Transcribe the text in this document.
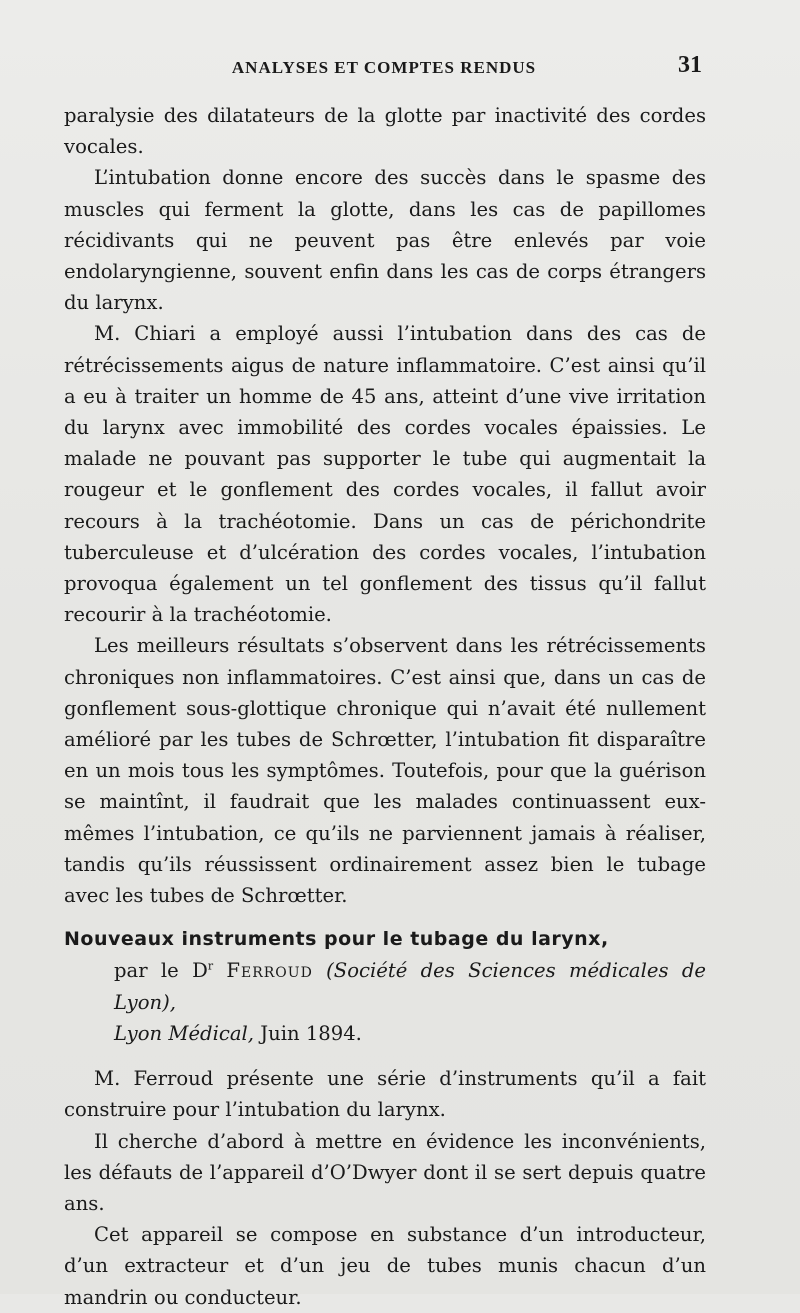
ANALYSES ET COMPTES RENDUS	31

paralysie des dilatateurs de la glotte par inactivité des cordes vocales.

L’intubation donne encore des succès dans le spasme des muscles qui ferment la glotte, dans les cas de papillomes récidivants qui ne peuvent pas être enlevés par voie endolaryngienne, souvent enfin dans les cas de corps étrangers du larynx.

M. Chiari a employé aussi l’intubation dans des cas de rétrécissements aigus de nature inflammatoire. C’est ainsi qu’il a eu à traiter un homme de 45 ans, atteint d’une vive irritation du larynx avec immobilité des cordes vocales épaissies. Le malade ne pouvant pas supporter le tube qui augmentait la rougeur et le gonflement des cordes vocales, il fallut avoir recours à la trachéotomie. Dans un cas de périchondrite tuberculeuse et d’ulcération des cordes vocales, l’intubation provoqua également un tel gonflement des tissus qu’il fallut recourir à la trachéotomie.

Les meilleurs résultats s’observent dans les rétrécissements chroniques non inflammatoires. C’est ainsi que, dans un cas de gonflement sous-glottique chronique qui n’avait été nullement amélioré par les tubes de Schrœtter, l’intubation fit disparaître en un mois tous les symptômes. Toutefois, pour que la guérison se maintînt, il faudrait que les malades continuassent eux-mêmes l’intubation, ce qu’ils ne parviennent jamais à réaliser, tandis qu’ils réussissent ordinairement assez bien le tubage avec les tubes de Schrœtter.

Nouveaux instruments pour le tubage du larynx,

par le $D^r$ Ferroud (Société des Sciences médicales de Lyon),

Lyon Médical, Juin 1894.

M. Ferroud présente une série d’instruments qu’il a fait construire pour l’intubation du larynx.

Il cherche d’abord à mettre en évidence les inconvénients, les défauts de l’appareil d’O’Dwyer dont il se sert depuis quatre ans.

Cet appareil se compose en substance d’un introducteur, d’un extracteur et d’un jeu de tubes munis chacun d’un mandrin ou conducteur.
